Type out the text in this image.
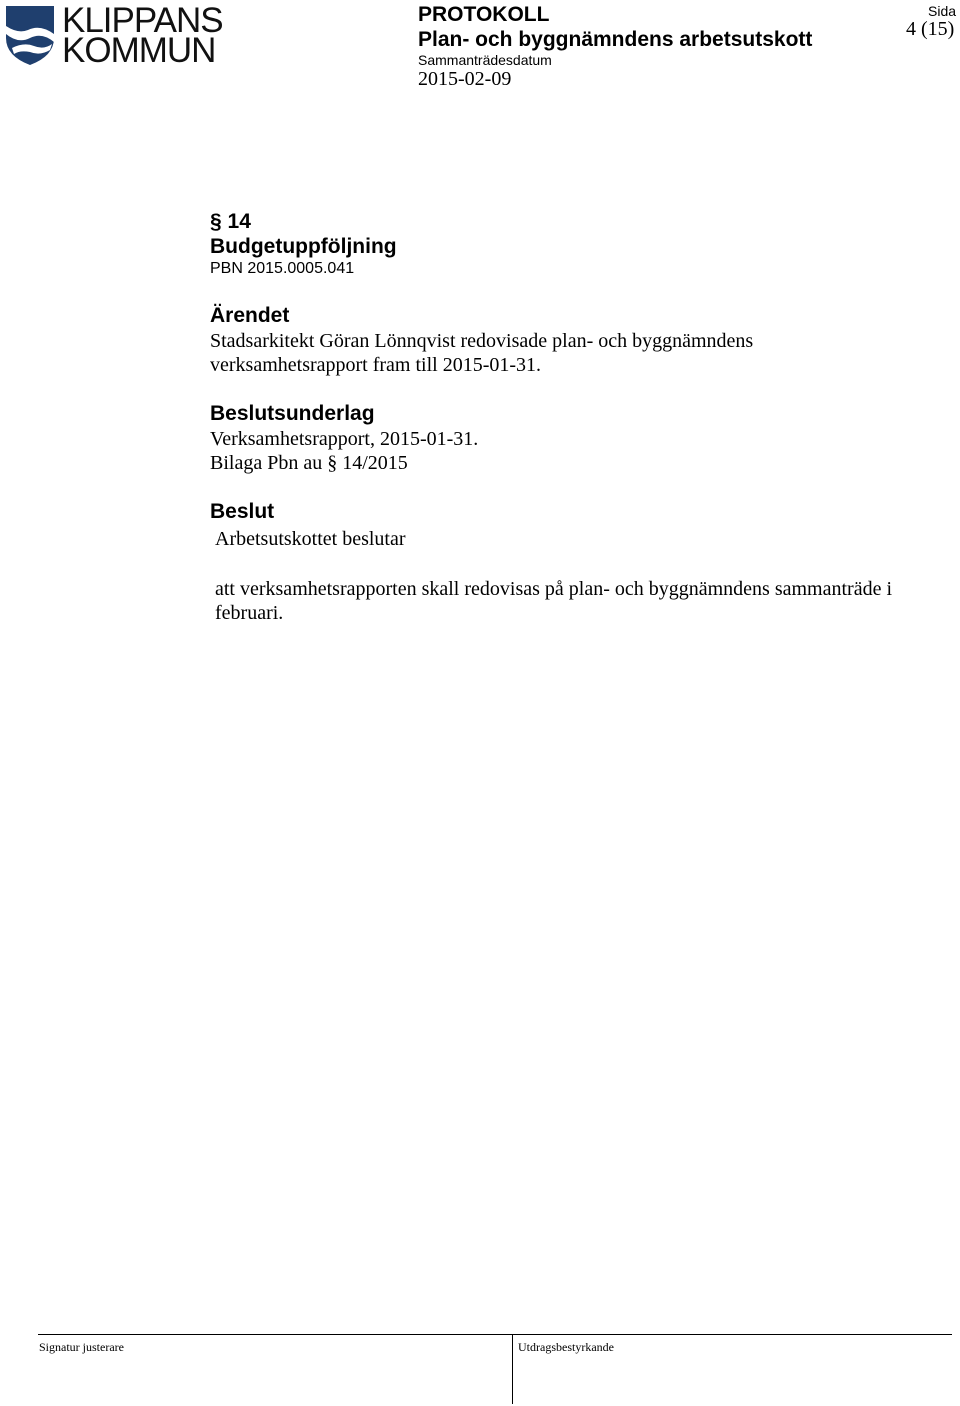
KLIPPANS
KOMMUN
PROTOKOLL
Plan- och byggnämndens arbetsutskott
Sammanträdesdatum
2015-02-09
Sida
4 (15)
§ 14
Budgetuppföljning
PBN 2015.0005.041
Ärendet
Stadsarkitekt Göran Lönnqvist redovisade plan- och byggnämndens
verksamhetsrapport fram till 2015-01-31.
Beslutsunderlag
Verksamhetsrapport, 2015-01-31.
Bilaga Pbn au § 14/2015
Beslut
Arbetsutskottet beslutar
att verksamhetsrapporten skall redovisas på plan- och byggnämndens sammanträde i
februari.
Signatur justerare	Utdragsbestyrkande
